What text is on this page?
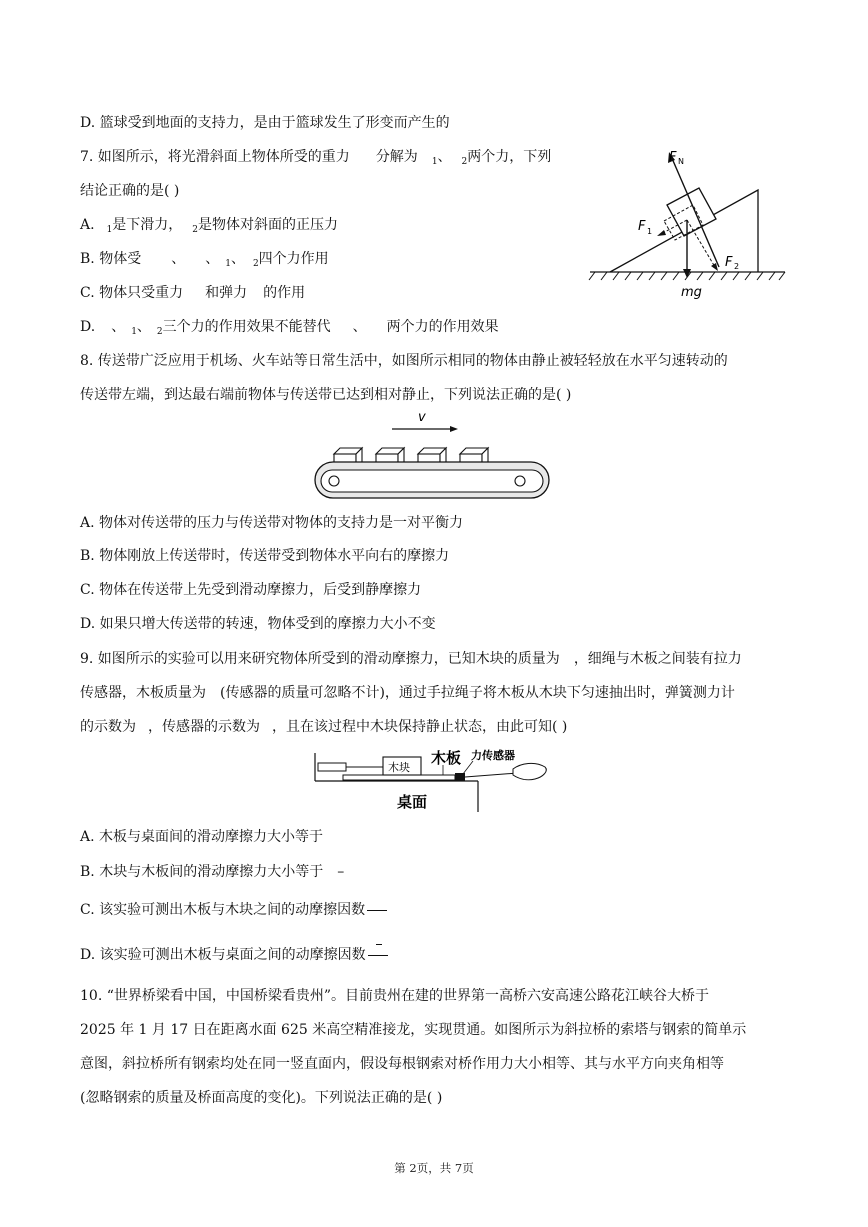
D. 篮球受到地面的支持力，是由于篮球发生了形变而产生的
7. 如图所示，将光滑斜面上物体所受的重力 分解为 $_1$、 $_2$两个力，下列
结论正确的是( )
A. $_1$是下滑力， $_2$是物体对斜面的正压力
B. 物体受 、 、 $_1$、 $_2$四个力作用
C. 物体只受重力 和弹力 的作用
D. 、 $_1$、 $_2$三个力的作用效果不能替代 、 两个力的作用效果
F N
F 1
F 2
mg
8. 传送带广泛应用于机场、火车站等日常生活中，如图所示相同的物体由静止被轻轻放在水平匀速转动的
传送带左端，到达最右端前物体与传送带已达到相对静止，下列说法正确的是( )
v
A. 物体对传送带的压力与传送带对物体的支持力是一对平衡力
B. 物体刚放上传送带时，传送带受到物体水平向右的摩擦力
C. 物体在传送带上先受到滑动摩擦力，后受到静摩擦力
D. 如果只增大传送带的转速，物体受到的摩擦力大小不变
9. 如图所示的实验可以用来研究物体所受到的滑动摩擦力，已知木块的质量为 ，细绳与木板之间装有拉力
传感器，木板质量为 (传感器的质量可忽略不计)，通过手拉绳子将木板从木块下匀速抽出时，弹簧测力计
的示数为 ，传感器的示数为 ，且在该过程中木块保持静止状态，由此可知( )
木块
木板 力传感器
桌面
A. 木板与桌面间的滑动摩擦力大小等于
B. 木块与木板间的滑动摩擦力大小等于 –
C. 该实验可测出木板与木块之间的动摩擦因数
D. 该实验可测出木板与桌面之间的动摩擦因数
10. “世界桥梁看中国，中国桥梁看贵州”。目前贵州在建的世界第一高桥六安高速公路花江峡谷大桥于
2025 年 1 月 17 日在距离水面 625 米高空精准接龙，实现贯通。如图所示为斜拉桥的索塔与钢索的简单示
意图，斜拉桥所有钢索均处在同一竖直面内，假设每根钢索对桥作用力大小相等、其与水平方向夹角相等
(忽略钢索的质量及桥面高度的变化)。下列说法正确的是( )
第 2页，共 7页
